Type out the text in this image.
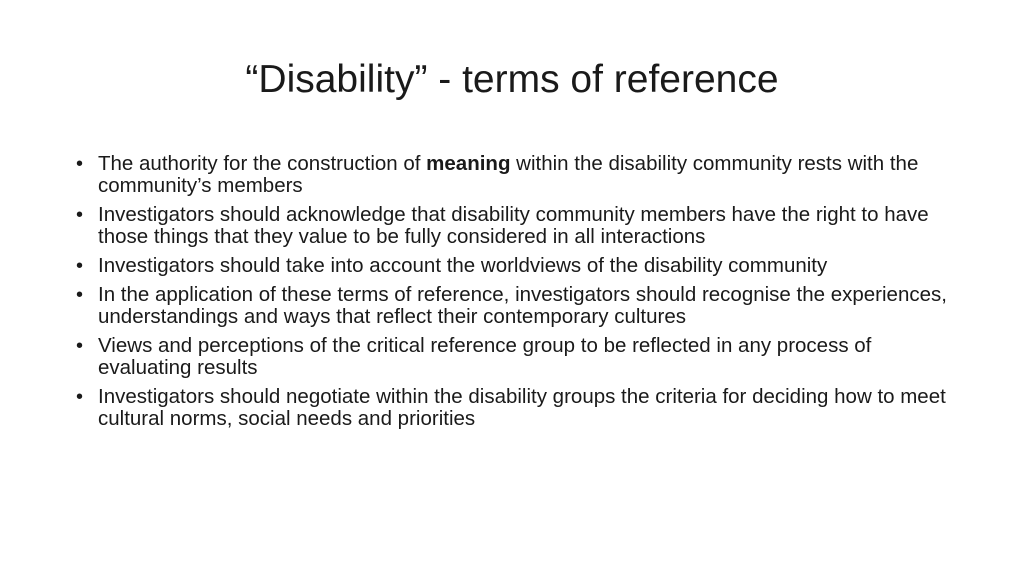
“Disability” - terms of reference
• The authority for the construction of meaning within the disability community rests with the community’s members
• Investigators should acknowledge that disability community members have the right to have those things that they value to be fully considered in all interactions
• Investigators should take into account the worldviews of the disability community
• In the application of these terms of reference, investigators should recognise the experiences, understandings and ways that reflect their contemporary cultures
• Views and perceptions of the critical reference group to be reflected in any process of evaluating results
• Investigators should negotiate within the disability groups the criteria for deciding how to meet cultural norms, social needs and priorities
